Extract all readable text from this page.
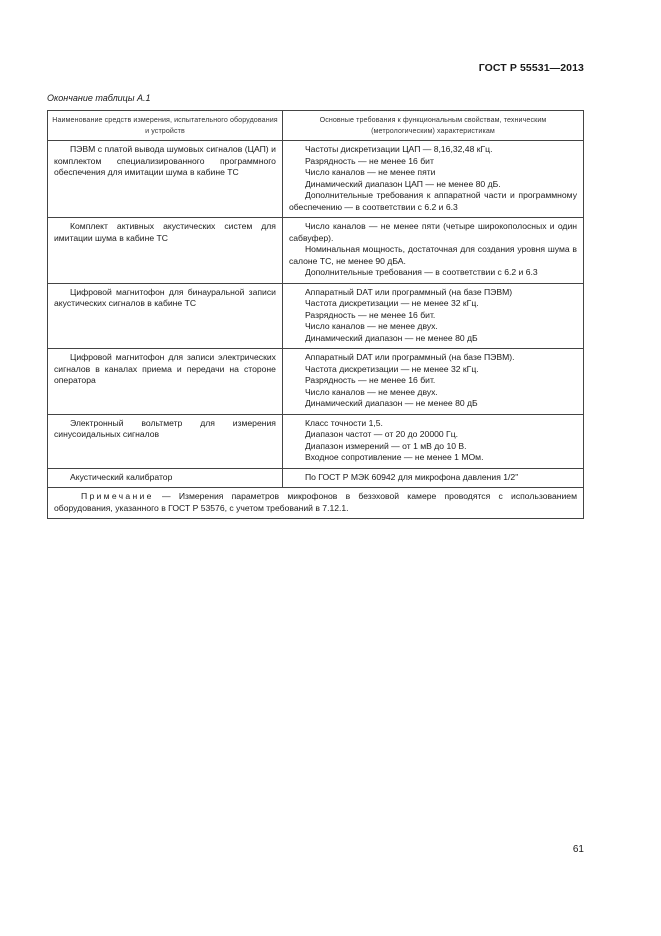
ГОСТ Р 55531—2013
Окончание таблицы А.1
Наименование средств измерения, испытательного оборудования и устройств	Основные требования к функциональным свойствам, техническим (метрологическим) характеристикам

ПЭВМ с платой вывода шумовых сигналов (ЦАП) и комплектом специализированного программного обеспечения для имитации шума в кабине ТС	Частоты дискретизации ЦАП — 8,16,32,48 кГц.
Разрядность — не менее 16 бит
Число каналов — не менее пяти
Динамический диапазон ЦАП — не менее 80 дБ.
Дополнительные требования к аппаратной части и программному обеспечению — в соответствии с 6.2 и 6.3

Комплект активных акустических систем для имитации шума в кабине ТС	Число каналов — не менее пяти (четыре широкополосных и один сабвуфер).
Номинальная мощность, достаточная для создания уровня шума в салоне ТС, не менее 90 дБА.
Дополнительные требования — в соответствии с 6.2 и 6.3

Цифровой магнитофон для бинауральной записи акустических сигналов в кабине ТС	Аппаратный DAT или программный (на базе ПЭВМ)
Частота дискретизации — не менее 32 кГц.
Разрядность — не менее 16 бит.
Число каналов — не менее двух.
Динамический диапазон — не менее 80 дБ

Цифровой магнитофон для записи электрических сигналов в каналах приема и передачи на стороне оператора	Аппаратный DAT или программный (на базе ПЭВМ).
Частота дискретизации — не менее 32 кГц.
Разрядность — не менее 16 бит.
Число каналов — не менее двух.
Динамический диапазон — не менее 80 дБ

Электронный вольтметр для измерения синусоидальных сигналов	Класс точности 1,5.
Диапазон частот — от 20 до 20000 Гц.
Диапазон измерений — от 1 мВ до 10 В.
Входное сопротивление — не менее 1 МОм.

Акустический калибратор	По ГОСТ Р МЭК 60942 для микрофона давления 1/2"

Примечание — Измерения параметров микрофонов в безэховой камере проводятся с использованием оборудования, указанного в ГОСТ Р 53576, с учетом требований в 7.12.1.	
61
